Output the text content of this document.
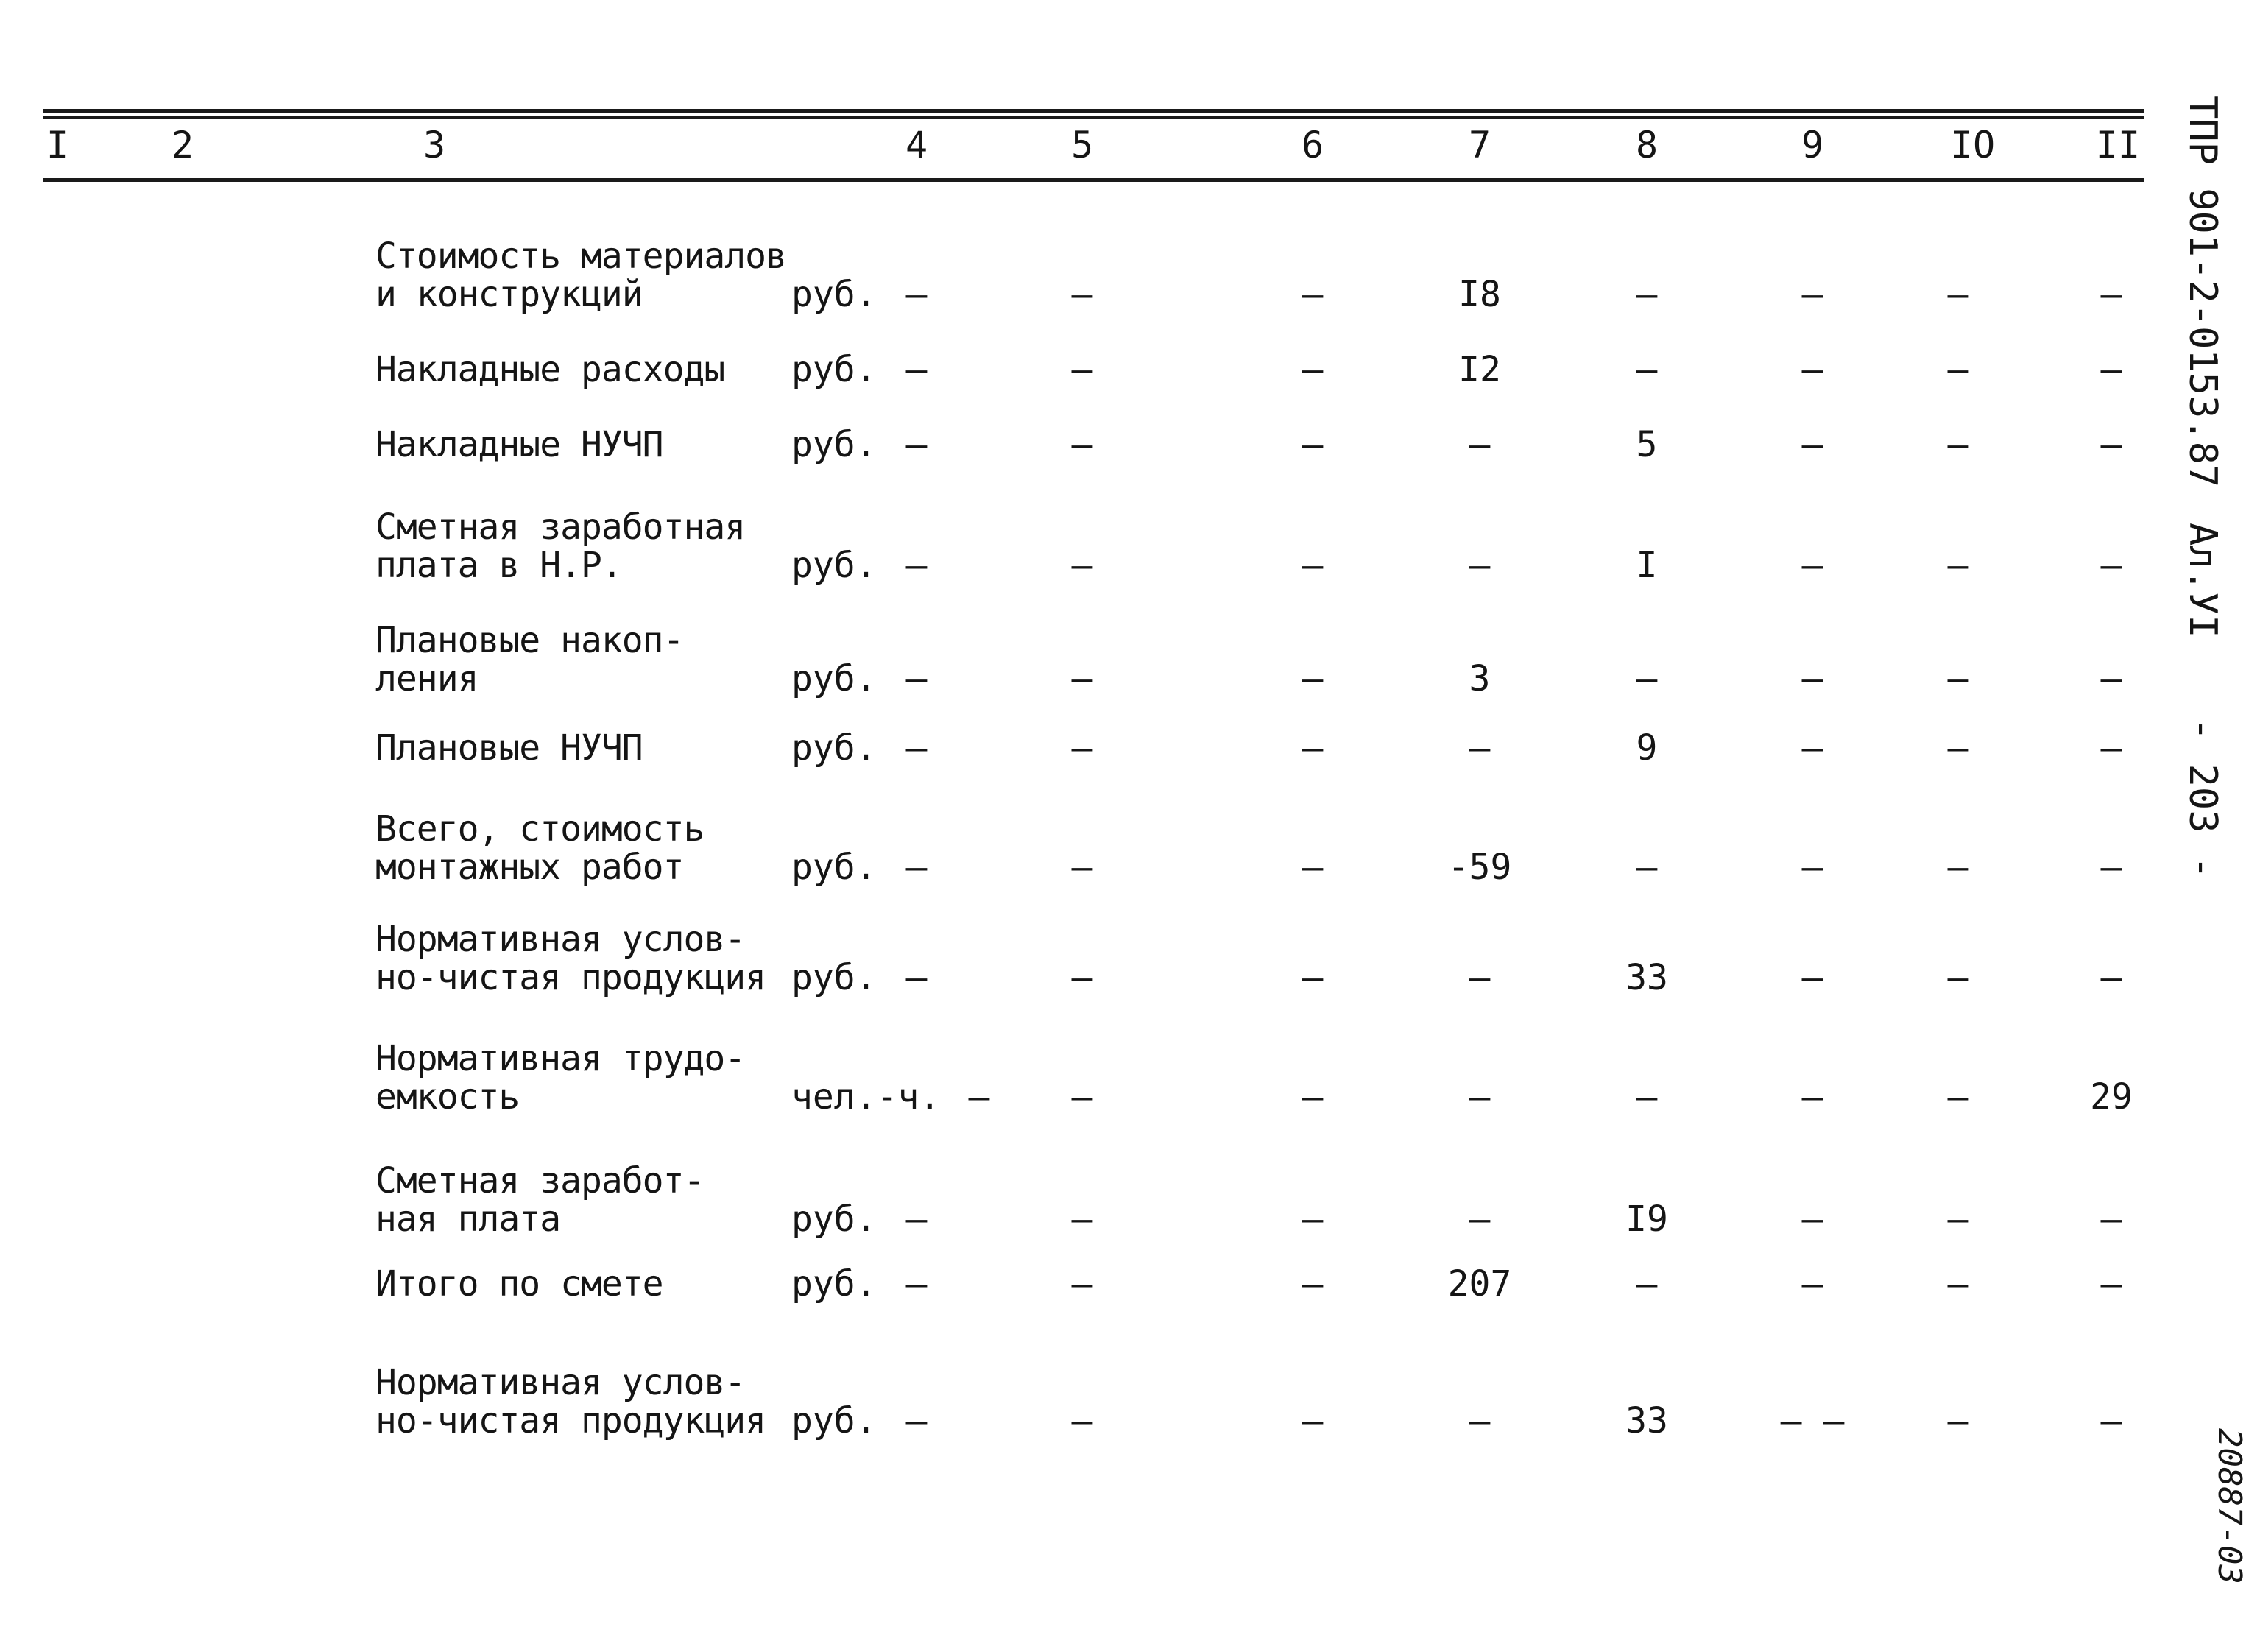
I	2	3	4	5	6	7	8	9	IO	II
Стоимость материалов
и конструкций	руб. –	–	–	I8	–	–	–	–
Накладные расходы руб. –	–	–	I2	–	–	–	–
Накладные НУЧП	руб. –	–	–	–	5	–	–	–
Сметная заработная
плата в Н.Р.	руб. –	–	–	–	I	–	–	–
Плановые накоп-
ления	руб. –	–	–	3	–	–	–	–
Плановые НУЧП	руб. –	–	–	–	9	–	–	–
Всего, стоимость
монтажных работ	руб. –	–	–	-59	–	–	–	–
Нормативная услов-
но-чистая продукция руб. –	–	–	–	33	–	–	–
Нормативная трудо-
емкость	чел.-ч. – –	–	–	–	–	–	29
Сметная заработ-
ная плата	руб. –	–	–	–	I9	–	–	–
Итого по смете	руб. –	–	–	207	–	–	–	–
Нормативная услов-
но-чистая продукция руб. –	–	–	–	33	– –	–	–
ТПР 901-2-0153.87
Ал.УI
- 203 -
20887-03
